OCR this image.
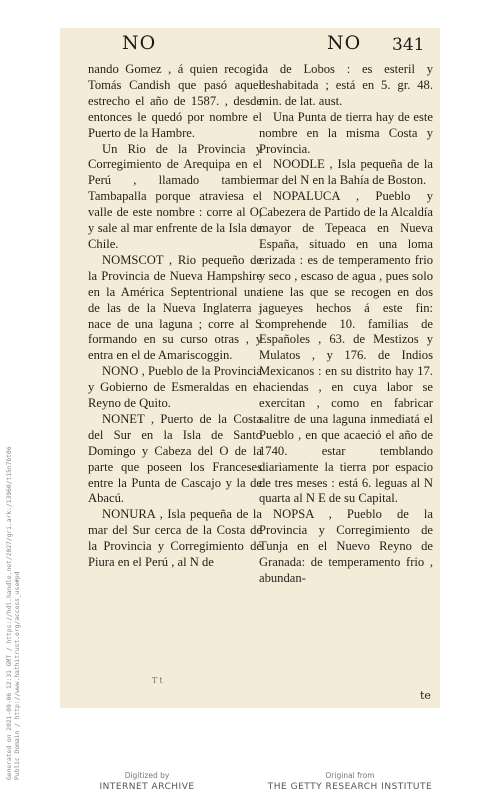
NO	NO 341

nando Gomez , á quien recogió Tomás Candish que pasó aquel estrecho el año de 1587. , desde entonces le quedó por nombre el Puerto de la Hambre.

Un Rio de la Provincia y Corregimiento de Arequipa en el Perú , llamado tambien Tambapalla porque atraviesa el valle de este nombre : corre al O, y sale al mar enfrente de la Isla de Chile.

NOMSCOT , Rio pequeño de la Provincia de Nueva Hampshire en la América Septentrional una de las de la Nueva Inglaterra : nace de una laguna ; corre al S formando en su curso otras , y entra en el de Amariscoggin.

NONO , Pueblo de la Provincia y Gobierno de Esmeraldas en el Reyno de Quito.

NONET , Puerto de la Costa del Sur en la Isla de Santo Domingo y Cabeza del O de la parte que poseen los Franceses entre la Punta de Cascajo y la de Abacú.

NONURA , Isla pequeña de la mar del Sur cerca de la Costa de la Provincia y Corregimiento de Piura en el Perú , al N de

la de Lobos : es esteril y deshabitada ; está en 5. gr. 48. min. de lat. aust.

Una Punta de tierra hay de este nombre en la misma Costa y Provincia.

NOODLE , Isla pequeña de la mar del N en la Bahía de Boston.

NOPALUCA , Pueblo y Cabezera de Partido de la Alcaldía mayor de Tepeaca en Nueva España, situado en una loma erizada : es de temperamento frio y seco , escaso de agua , pues solo tiene las que se recogen en dos jagueyes hechos á este fin: comprehende 10. familias de Españoles , 63. de Mestizos y Mulatos , y 176. de Indios Mexicanos : en su distrito hay 17. haciendas , en cuya labor se exercitan , como en fabricar salitre de una laguna inmediatá el Pueblo , en que acaeció el año de 1740. estar temblando diariamente la tierra por espacio de tres meses : está 6. leguas al N quarta al N E de su Capital.

NOPSA , Pueblo de la Provincia y Corregimiento de Tunja en el Nuevo Reyno de Granada: de temperamento frio , abundan-

Tt
te
Digitized by
INTERNET ARCHIVE
Original from
THE GETTY RESEARCH INSTITUTE
Generated on 2021-09-06 12:31 GMT / https://hdl.handle.net/2027/gri.ark:/13960/t15n7bt06 Public Domain / http://www.hathitrust.org/access_use#pd
